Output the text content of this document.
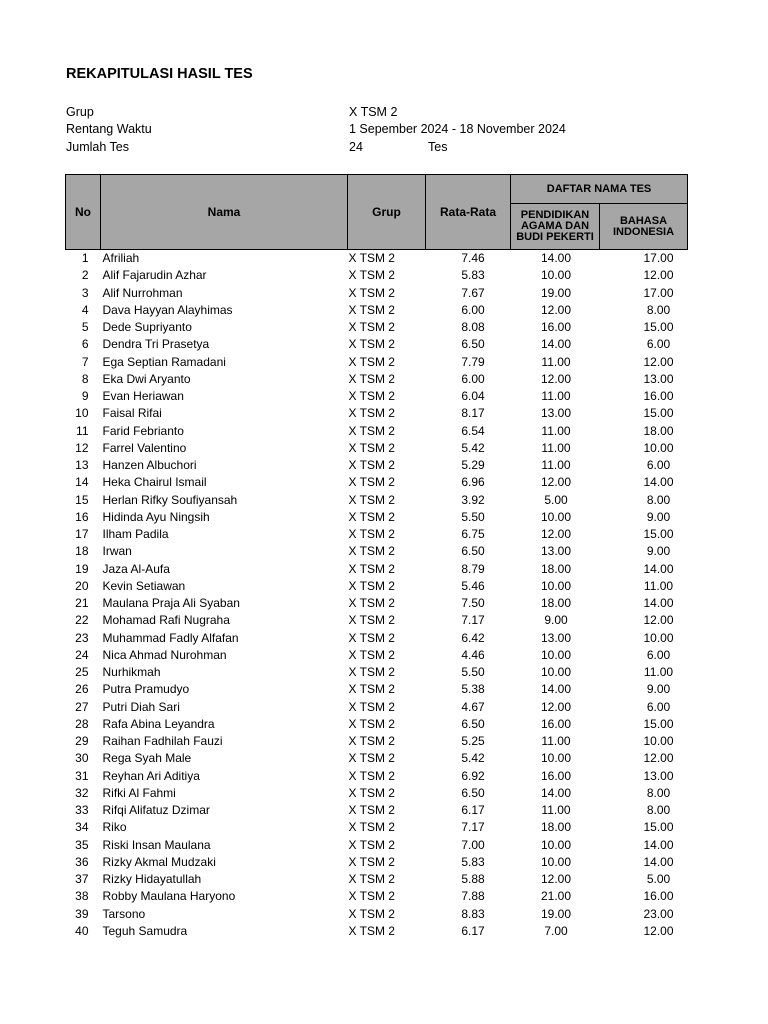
REKAPITULASI HASIL TES
Grup	X TSM 2
Rentang Waktu	1 Sepember 2024 - 18 November 2024
Jumlah Tes	24	Tes
No	Nama	Grup	Rata-Rata	DAFTAR NAMA TES	
				PENDIDIKAN AGAMA DAN BUDI PEKERTI	BAHASA INDONESIA
1	Afriliah	X TSM 2	7.46	14.00	17.00
2	Alif Fajarudin Azhar	X TSM 2	5.83	10.00	12.00
3	Alif Nurrohman	X TSM 2	7.67	19.00	17.00
4	Dava Hayyan Alayhimas	X TSM 2	6.00	12.00	8.00
5	Dede Supriyanto	X TSM 2	8.08	16.00	15.00
6	Dendra Tri Prasetya	X TSM 2	6.50	14.00	6.00
7	Ega Septian Ramadani	X TSM 2	7.79	11.00	12.00
8	Eka Dwi Aryanto	X TSM 2	6.00	12.00	13.00
9	Evan Heriawan	X TSM 2	6.04	11.00	16.00
10	Faisal Rifai	X TSM 2	8.17	13.00	15.00
11	Farid Febrianto	X TSM 2	6.54	11.00	18.00
12	Farrel Valentino	X TSM 2	5.42	11.00	10.00
13	Hanzen Albuchori	X TSM 2	5.29	11.00	6.00
14	Heka Chairul Ismail	X TSM 2	6.96	12.00	14.00
15	Herlan Rifky Soufiyansah	X TSM 2	3.92	5.00	8.00
16	Hidinda Ayu Ningsih	X TSM 2	5.50	10.00	9.00
17	Ilham Padila	X TSM 2	6.75	12.00	15.00
18	Irwan	X TSM 2	6.50	13.00	9.00
19	Jaza Al-Aufa	X TSM 2	8.79	18.00	14.00
20	Kevin Setiawan	X TSM 2	5.46	10.00	11.00
21	Maulana Praja Ali Syaban	X TSM 2	7.50	18.00	14.00
22	Mohamad Rafi Nugraha	X TSM 2	7.17	9.00	12.00
23	Muhammad Fadly Alfafan	X TSM 2	6.42	13.00	10.00
24	Nica Ahmad Nurohman	X TSM 2	4.46	10.00	6.00
25	Nurhikmah	X TSM 2	5.50	10.00	11.00
26	Putra Pramudyo	X TSM 2	5.38	14.00	9.00
27	Putri Diah Sari	X TSM 2	4.67	12.00	6.00
28	Rafa Abina Leyandra	X TSM 2	6.50	16.00	15.00
29	Raihan Fadhilah Fauzi	X TSM 2	5.25	11.00	10.00
30	Rega Syah Male	X TSM 2	5.42	10.00	12.00
31	Reyhan Ari Aditiya	X TSM 2	6.92	16.00	13.00
32	Rifki Al Fahmi	X TSM 2	6.50	14.00	8.00
33	Rifqi Alifatuz Dzimar	X TSM 2	6.17	11.00	8.00
34	Riko	X TSM 2	7.17	18.00	15.00
35	Riski Insan Maulana	X TSM 2	7.00	10.00	14.00
36	Rizky Akmal Mudzaki	X TSM 2	5.83	10.00	14.00
37	Rizky Hidayatullah	X TSM 2	5.88	12.00	5.00
38	Robby Maulana Haryono	X TSM 2	7.88	21.00	16.00
39	Tarsono	X TSM 2	8.83	19.00	23.00
40	Teguh Samudra	X TSM 2	6.17	7.00	12.00
